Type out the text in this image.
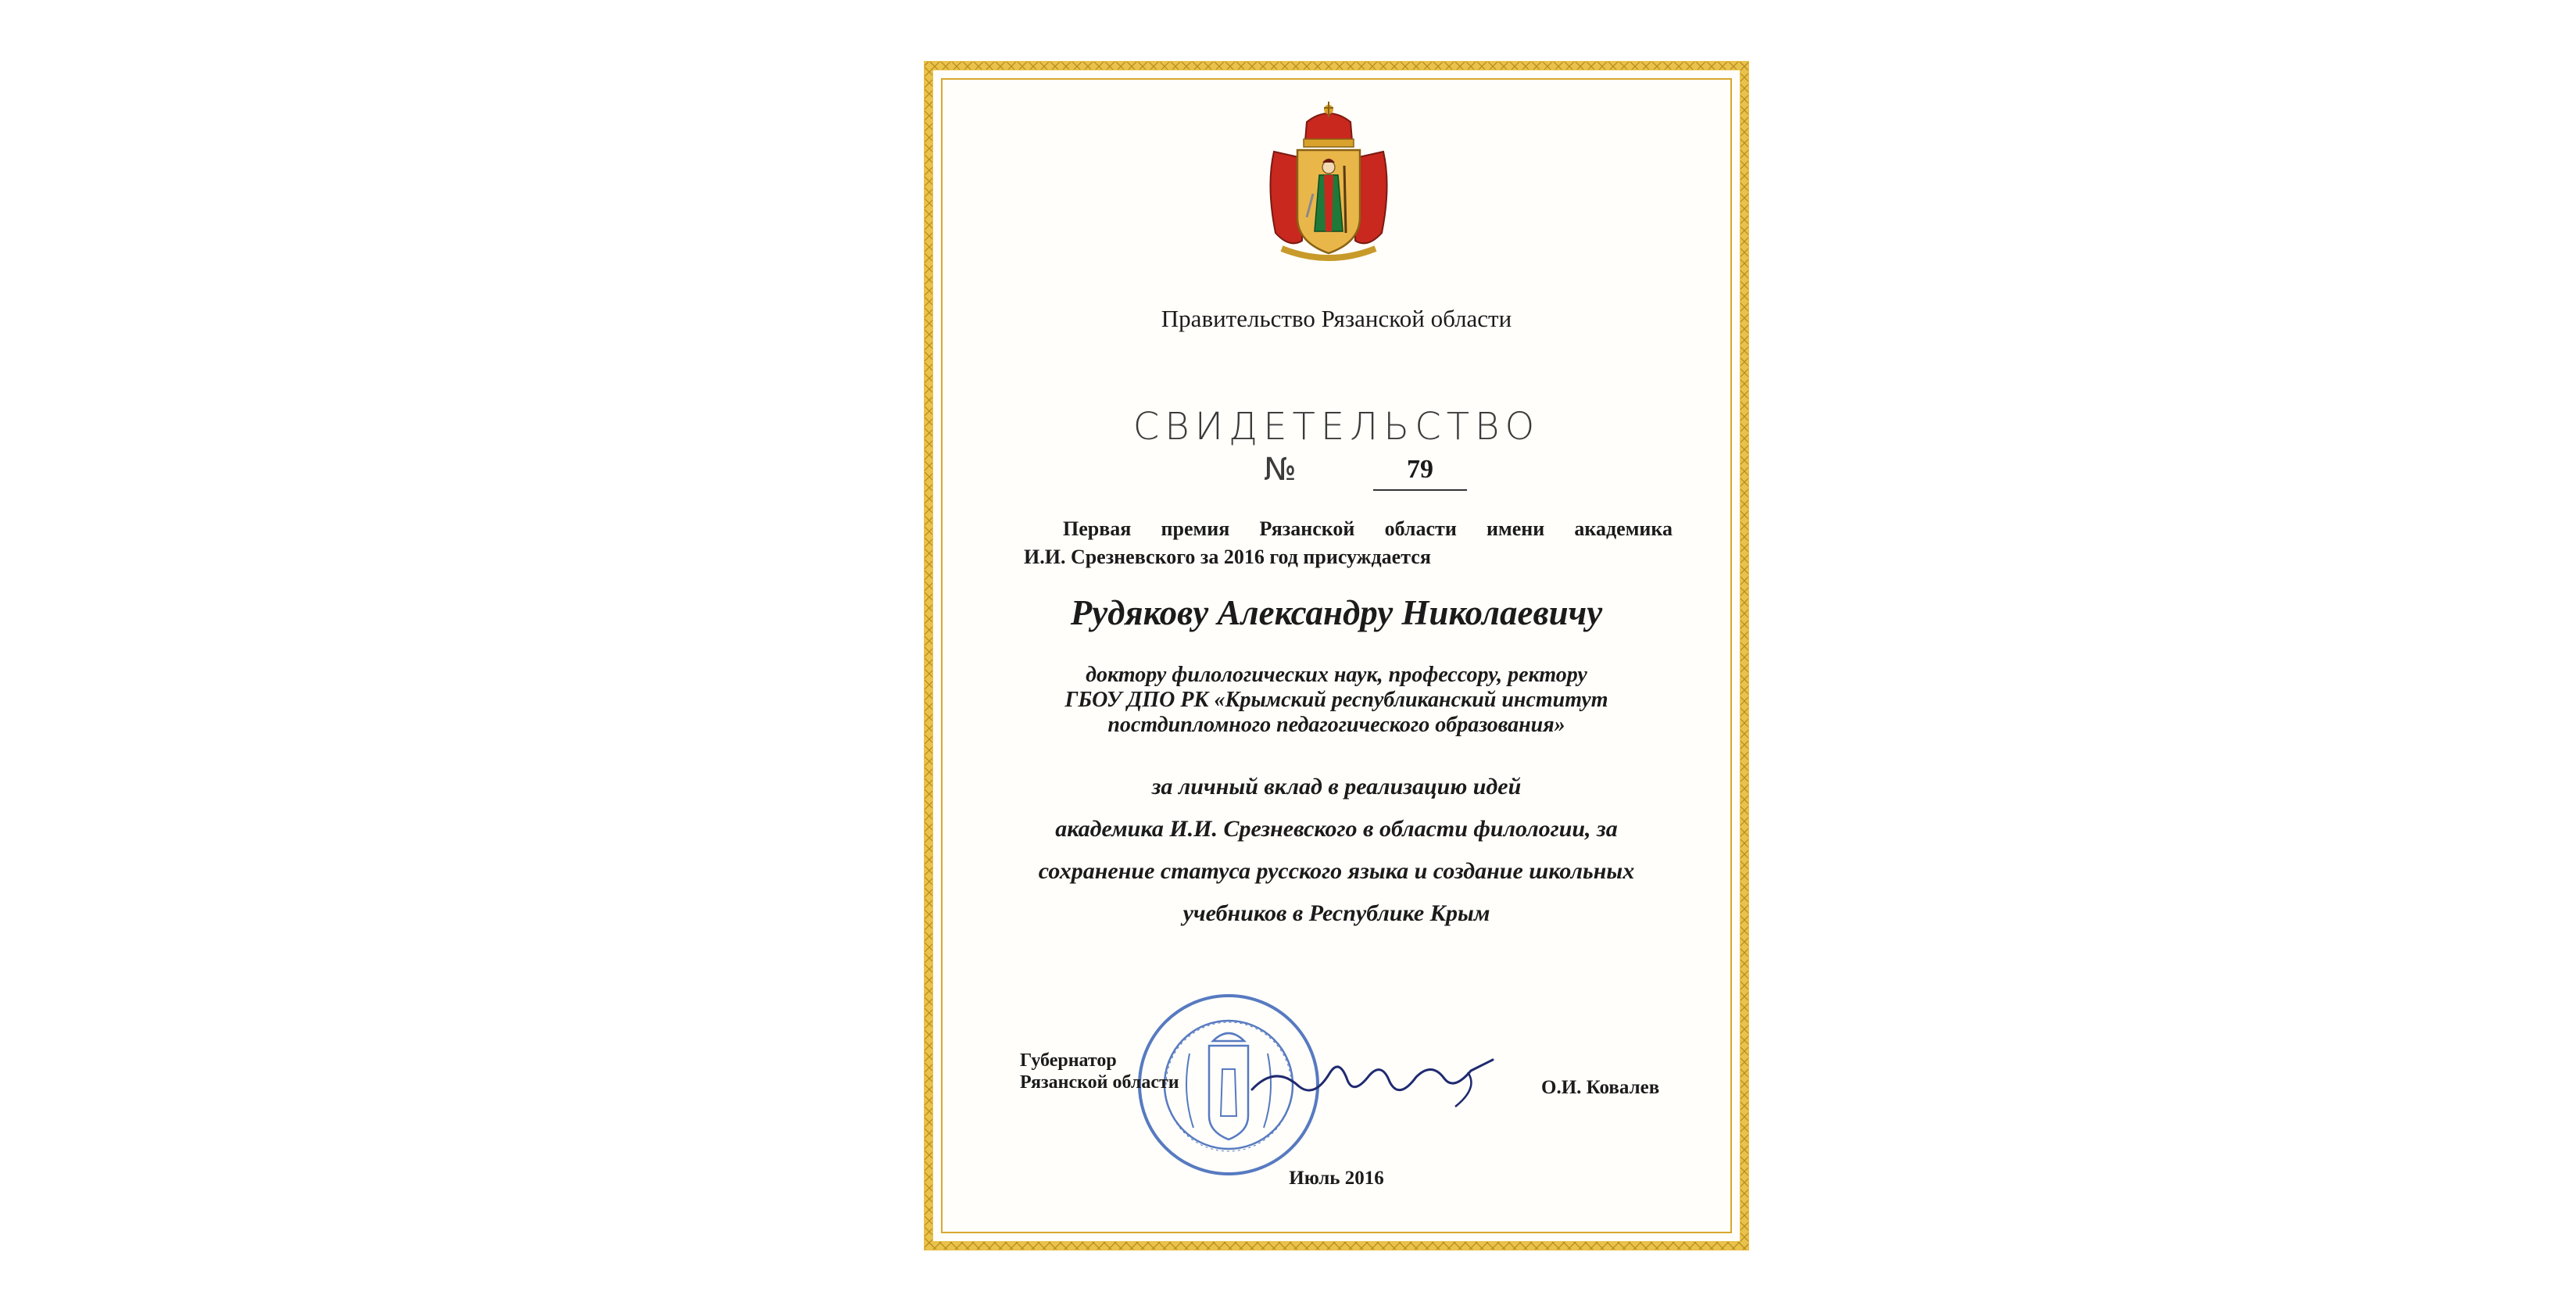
Правительство Рязанской области
СВИДЕТЕЛЬСТВО
№	79
Первая премия Рязанской области имени академика
И.И. Срезневского за 2016 год присуждается
Рудякову Александру Николаевичу
доктору филологических наук, профессору, ректору
ГБОУ ДПО РК «Крымский республиканский институт
постдипломного педагогического образования»
за личный вклад в реализацию идей
академика И.И. Срезневского в области филологии, за
сохранение статуса русского языка и создание школьных
учебников в Республике Крым
Губернатор
Рязанской области	О.И. Ковалев
Июль 2016
